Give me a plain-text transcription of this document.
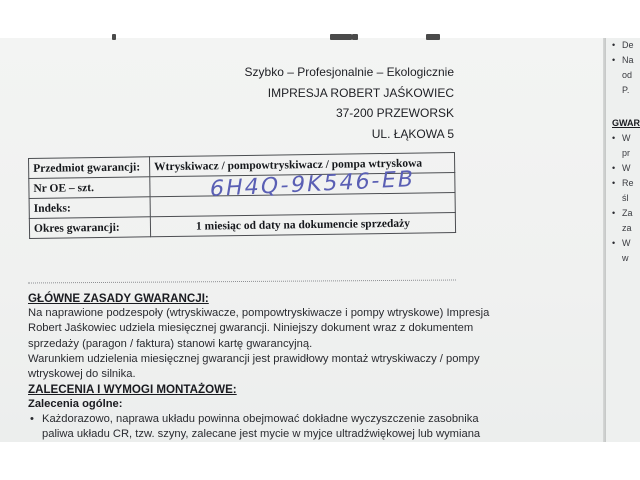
Szybko – Profesjonalnie – Ekologicznie
IMPRESJA ROBERT JAŚKOWIEC
37-200 PRZEWORSK
UL. ŁĄKOWA 5
Przedmiot gwarancji:	Wtryskiwacz / pompowtryskiwacz / pompa wtryskowa
Nr OE – szt.	6H4Q-9K546-EB
Indeks:	
Okres gwarancji:	1 miesiąc od daty na dokumencie sprzedaży
GŁÓWNE ZASADY GWARANCJI:
Na naprawione podzespoły (wtryskiwacze, pompowtryskiwacze i pompy wtryskowe) Impresja
Robert Jaśkowiec udziela miesięcznej gwarancji. Niniejszy dokument wraz z dokumentem
sprzedaży (paragon / faktura) stanowi kartę gwarancyjną.
Warunkiem udzielenia miesięcznej gwarancji jest prawidłowy montaż wtryskiwaczy / pompy
wtryskowej do silnika.
ZALECENIA I WYMOGI MONTAŻOWE:
Zalecenia ogólne:
• Każdorazowo, naprawa układu powinna obejmować dokładne wyczyszczenie zasobnika
paliwa układu CR, tzw. szyny, zalecane jest mycie w myjce ultradźwiękowej lub wymiana
• De
• Na
od
P.
GWAR
• W
pr
• W
• Re
śl
• Za
za
• W
w
